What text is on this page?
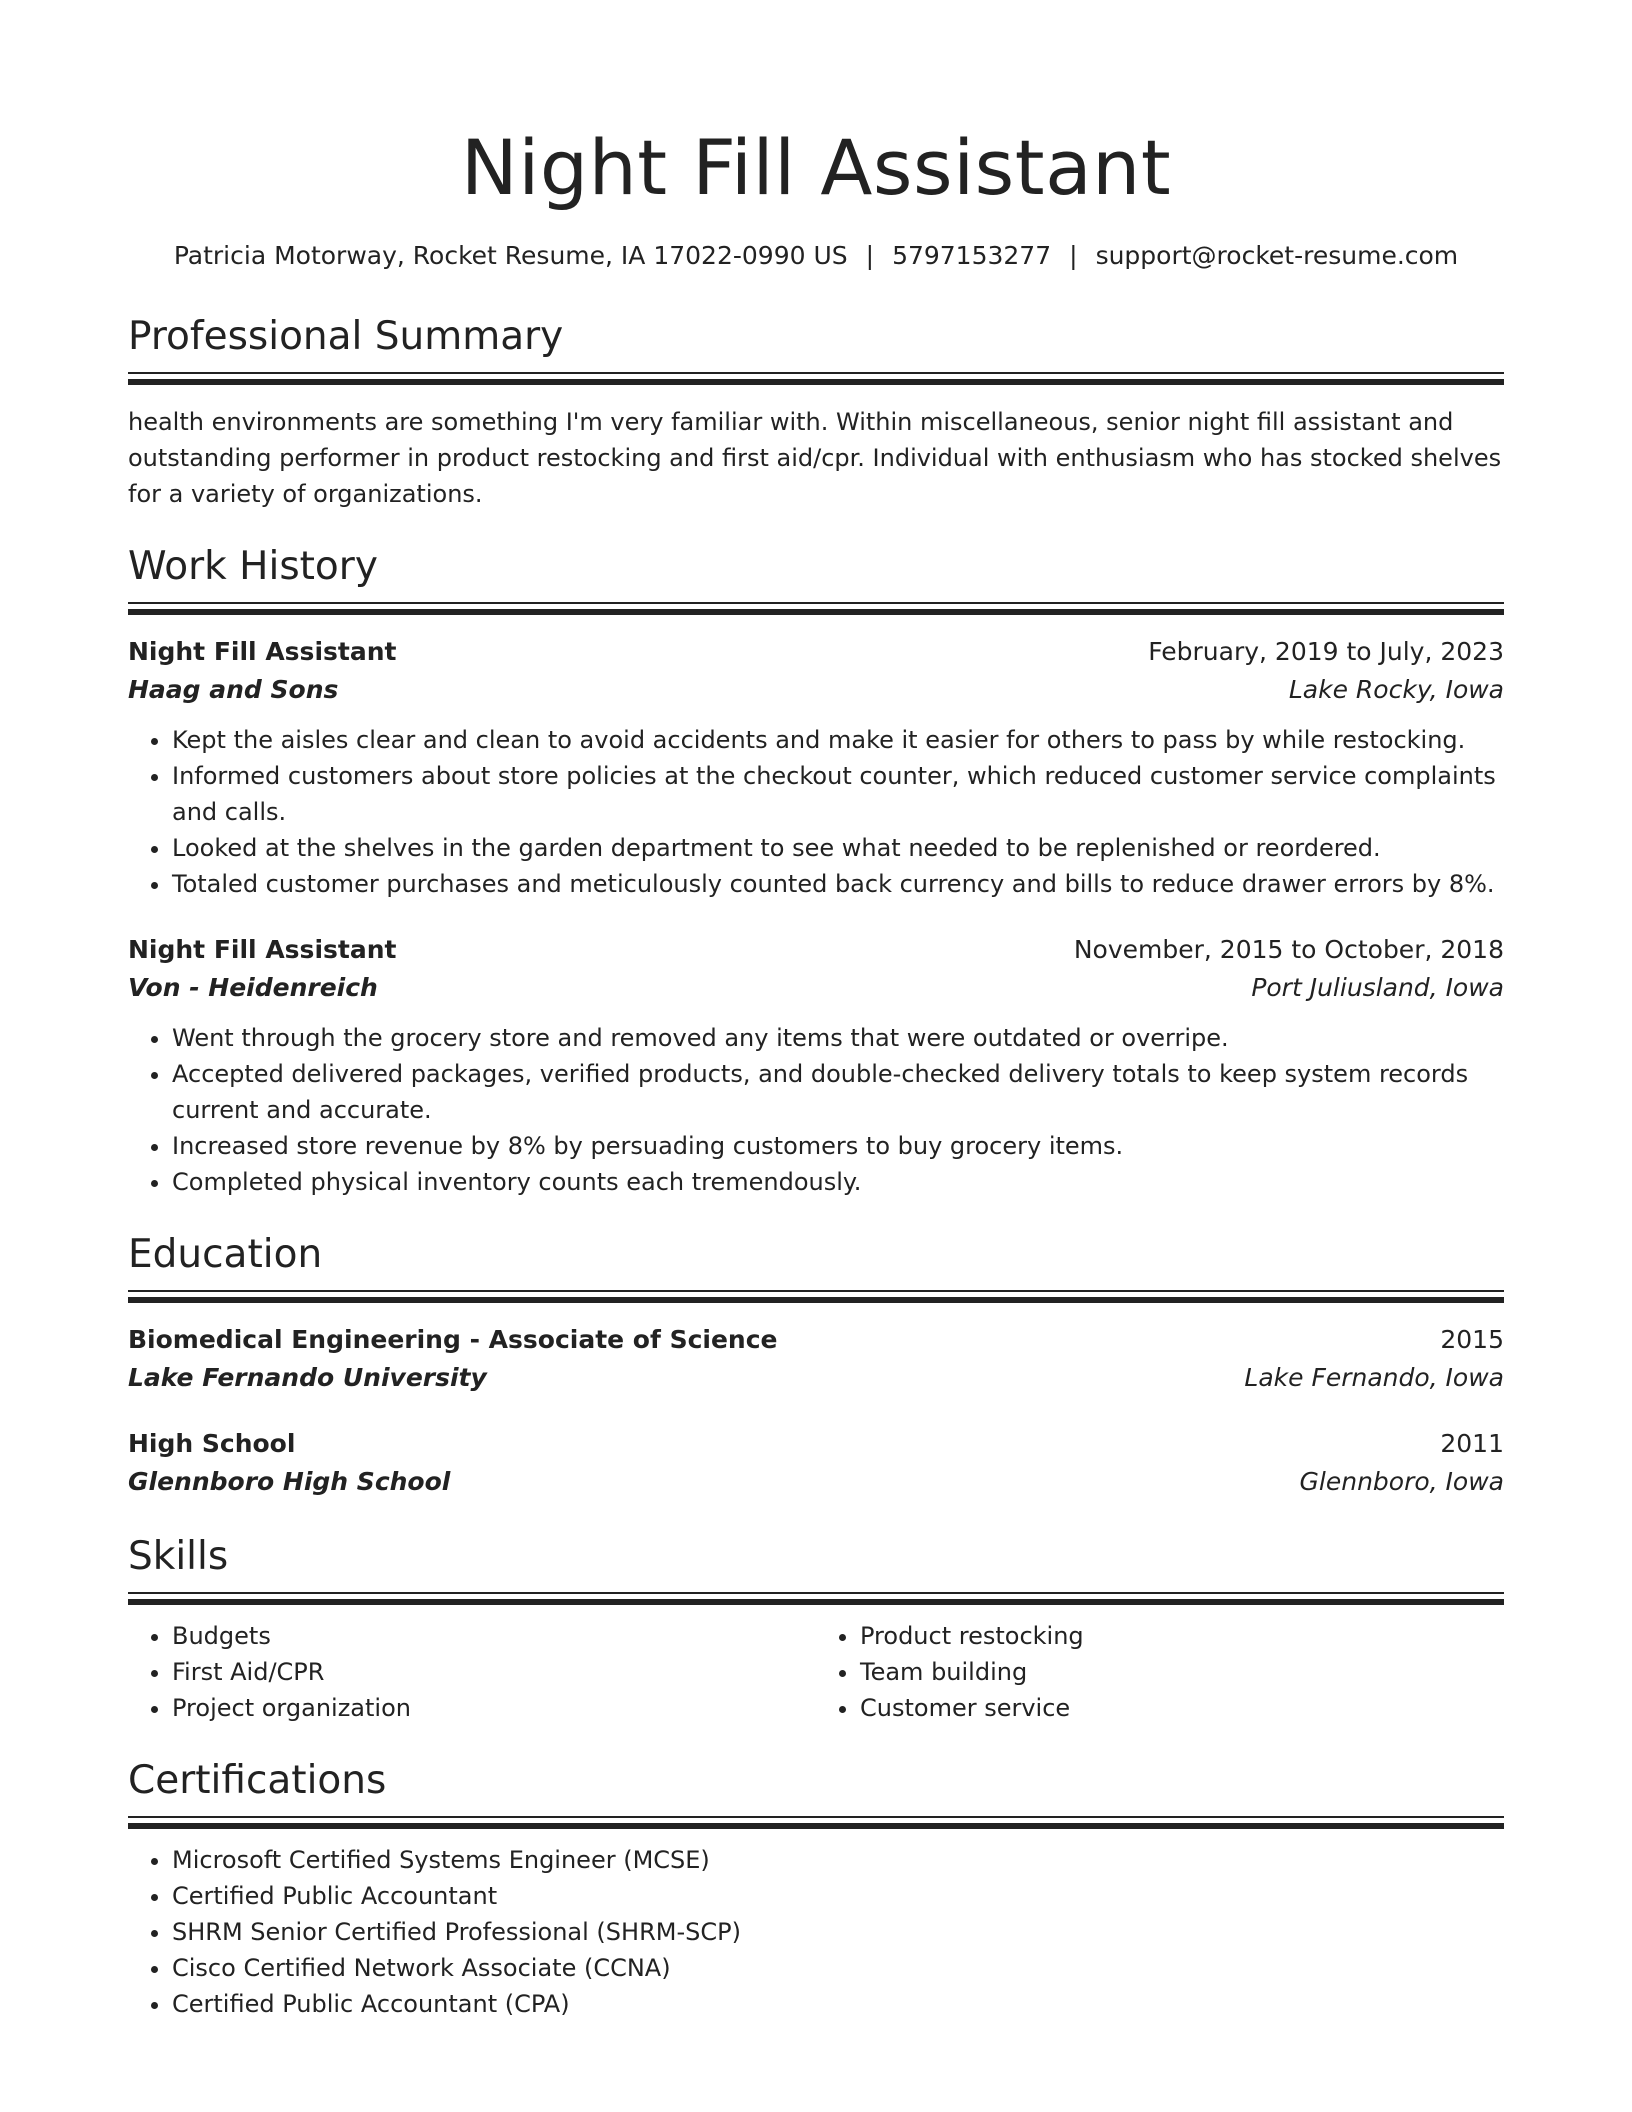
Night Fill Assistant
Patricia Motorway, Rocket Resume, IA 17022-0990 US | 5797153277 | support@rocket-resume.com
Professional Summary
health environments are something I'm very familiar with. Within miscellaneous, senior night fill assistant and outstanding performer in product restocking and first aid/cpr. Individual with enthusiasm who has stocked shelves for a variety of organizations.
Work History
Night Fill Assistant	February, 2019 to July, 2023
Haag and Sons	Lake Rocky, Iowa
• Kept the aisles clear and clean to avoid accidents and make it easier for others to pass by while restocking.
• Informed customers about store policies at the checkout counter, which reduced customer service complaints and calls.
• Looked at the shelves in the garden department to see what needed to be replenished or reordered.
• Totaled customer purchases and meticulously counted back currency and bills to reduce drawer errors by 8%.
Night Fill Assistant	November, 2015 to October, 2018
Von - Heidenreich	Port Juliusland, Iowa
• Went through the grocery store and removed any items that were outdated or overripe.
• Accepted delivered packages, verified products, and double-checked delivery totals to keep system records current and accurate.
• Increased store revenue by 8% by persuading customers to buy grocery items.
• Completed physical inventory counts each tremendously.
Education
Biomedical Engineering - Associate of Science	2015
Lake Fernando University	Lake Fernando, Iowa
High School	2011
Glennboro High School	Glennboro, Iowa
Skills
• Budgets
• First Aid/CPR
• Project organization
• Product restocking
• Team building
• Customer service
Certifications
• Microsoft Certified Systems Engineer (MCSE)
• Certified Public Accountant
• SHRM Senior Certified Professional (SHRM-SCP)
• Cisco Certified Network Associate (CCNA)
• Certified Public Accountant (CPA)
